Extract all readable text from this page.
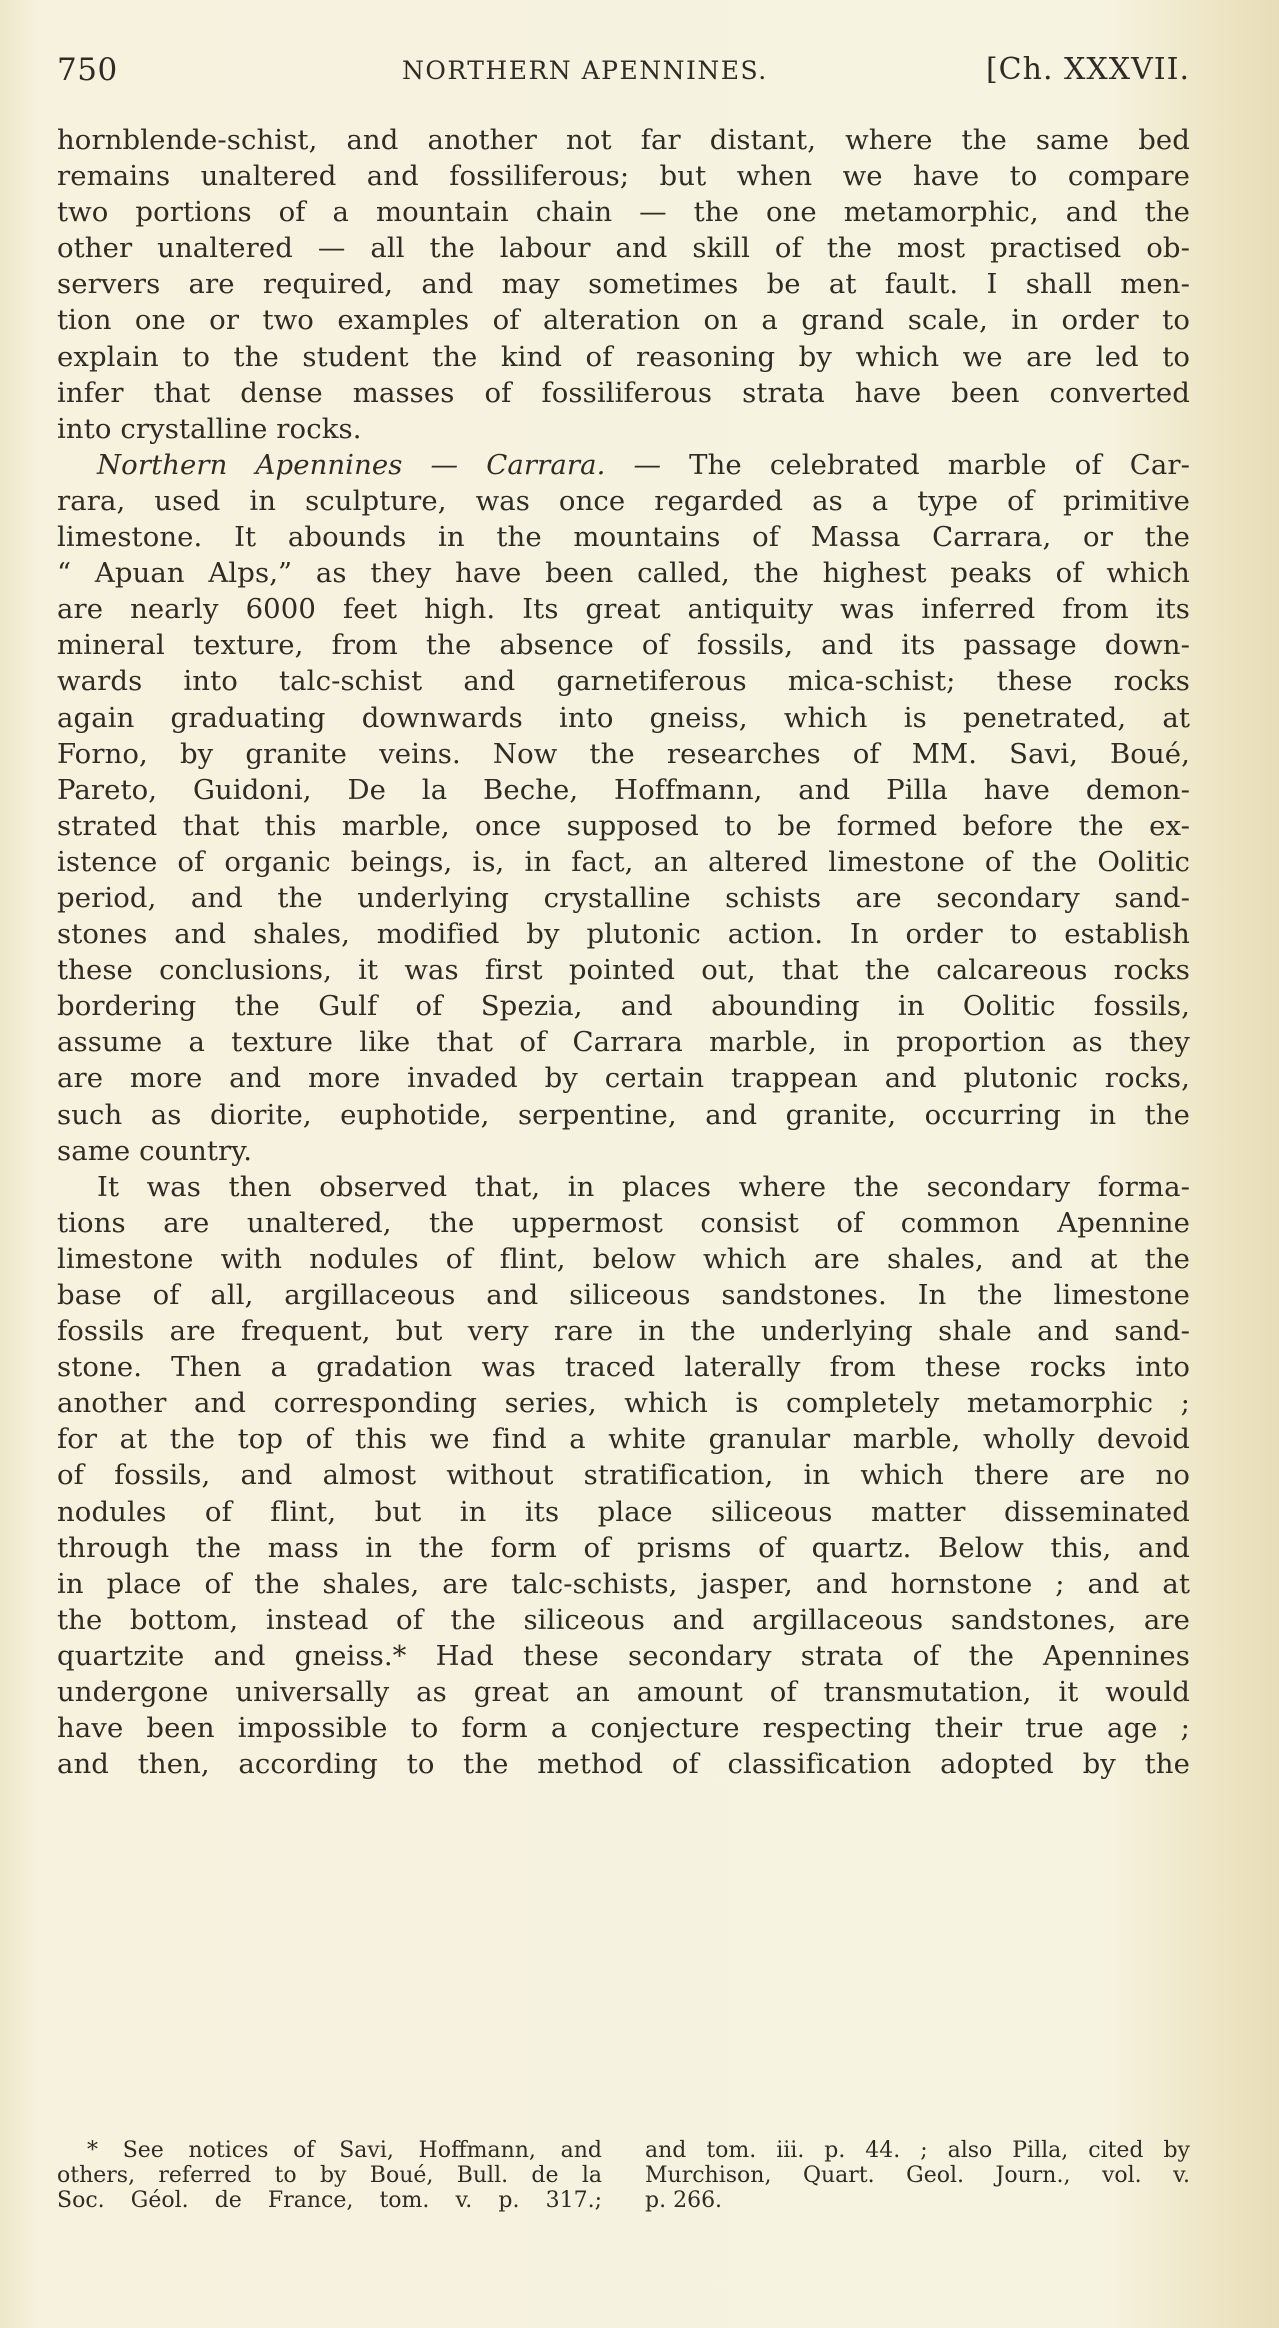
750	NORTHERN APENNINES.	[Ch. XXXVII.
hornblende-schist, and another not far distant, where the same bed
remains unaltered and fossiliferous; but when we have to compare
two portions of a mountain chain — the one metamorphic, and the
other unaltered — all the labour and skill of the most practised ob-
servers are required, and may sometimes be at fault. I shall men-
tion one or two examples of alteration on a grand scale, in order to
explain to the student the kind of reasoning by which we are led to
infer that dense masses of fossiliferous strata have been converted
into crystalline rocks.
Northern Apennines — Carrara. — The celebrated marble of Car-
rara, used in sculpture, was once regarded as a type of primitive
limestone. It abounds in the mountains of Massa Carrara, or the
“ Apuan Alps,” as they have been called, the highest peaks of which
are nearly 6000 feet high. Its great antiquity was inferred from its
mineral texture, from the absence of fossils, and its passage down-
wards into talc-schist and garnetiferous mica-schist; these rocks
again graduating downwards into gneiss, which is penetrated, at
Forno, by granite veins. Now the researches of MM. Savi, Boué,
Pareto, Guidoni, De la Beche, Hoffmann, and Pilla have demon-
strated that this marble, once supposed to be formed before the ex-
istence of organic beings, is, in fact, an altered limestone of the Oolitic
period, and the underlying crystalline schists are secondary sand-
stones and shales, modified by plutonic action. In order to establish
these conclusions, it was first pointed out, that the calcareous rocks
bordering the Gulf of Spezia, and abounding in Oolitic fossils,
assume a texture like that of Carrara marble, in proportion as they
are more and more invaded by certain trappean and plutonic rocks,
such as diorite, euphotide, serpentine, and granite, occurring in the
same country.
It was then observed that, in places where the secondary forma-
tions are unaltered, the uppermost consist of common Apennine
limestone with nodules of flint, below which are shales, and at the
base of all, argillaceous and siliceous sandstones. In the limestone
fossils are frequent, but very rare in the underlying shale and sand-
stone. Then a gradation was traced laterally from these rocks into
another and corresponding series, which is completely metamorphic ;
for at the top of this we find a white granular marble, wholly devoid
of fossils, and almost without stratification, in which there are no
nodules of flint, but in its place siliceous matter disseminated
through the mass in the form of prisms of quartz. Below this, and
in place of the shales, are talc-schists, jasper, and hornstone ; and at
the bottom, instead of the siliceous and argillaceous sandstones, are
quartzite and gneiss.* Had these secondary strata of the Apennines
undergone universally as great an amount of transmutation, it would
have been impossible to form a conjecture respecting their true age ;
and then, according to the method of classification adopted by the
* See notices of Savi, Hoffmann, and
others, referred to by Boué, Bull. de la
Soc. Géol. de France, tom. v. p. 317.;
and tom. iii. p. 44. ; also Pilla, cited by
Murchison, Quart. Geol. Journ., vol. v.
p. 266.
